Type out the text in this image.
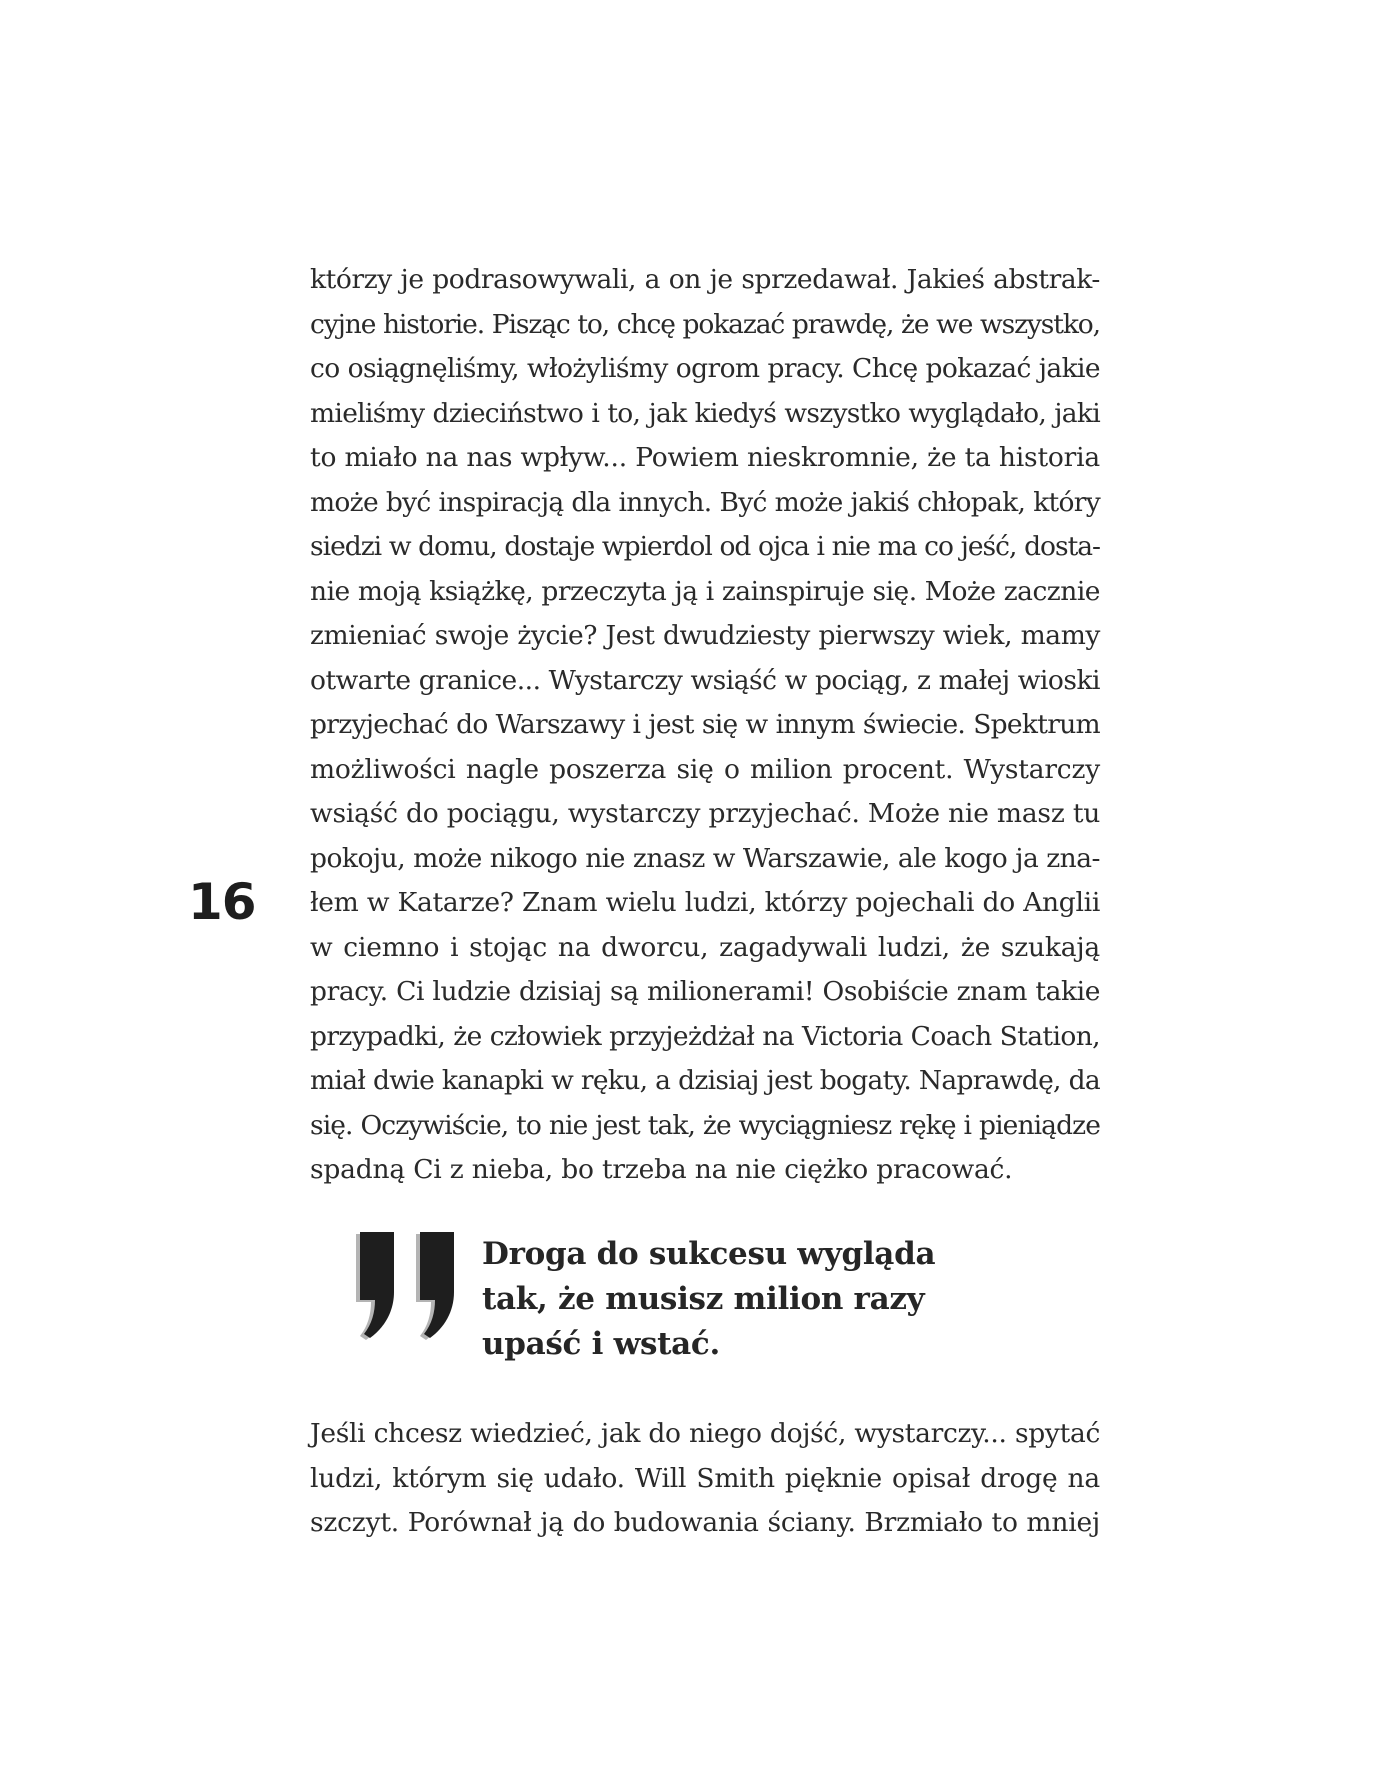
którzy je podrasowywali, a on je sprzedawał. Jakieś abstrak-
cyjne historie. Pisząc to, chcę pokazać prawdę, że we wszystko,
co osiągnęliśmy, włożyliśmy ogrom pracy. Chcę pokazać jakie
mieliśmy dzieciństwo i to, jak kiedyś wszystko wyglądało, jaki
to miało na nas wpływ... Powiem nieskromnie, że ta historia
może być inspiracją dla innych. Być może jakiś chłopak, który
siedzi w domu, dostaje wpierdol od ojca i nie ma co jeść, dosta-
nie moją książkę, przeczyta ją i zainspiruje się. Może zacznie
zmieniać swoje życie? Jest dwudziesty pierwszy wiek, mamy
otwarte granice... Wystarczy wsiąść w pociąg, z małej wioski
przyjechać do Warszawy i jest się w innym świecie. Spektrum
możliwości nagle poszerza się o milion procent. Wystarczy
wsiąść do pociągu, wystarczy przyjechać. Może nie masz tu
pokoju, może nikogo nie znasz w Warszawie, ale kogo ja zna-
łem w Katarze? Znam wielu ludzi, którzy pojechali do Anglii
w ciemno i stojąc na dworcu, zagadywali ludzi, że szukają
pracy. Ci ludzie dzisiaj są milionerami! Osobiście znam takie
przypadki, że człowiek przyjeżdżał na Victoria Coach Station,
miał dwie kanapki w ręku, a dzisiaj jest bogaty. Naprawdę, da
się. Oczywiście, to nie jest tak, że wyciągniesz rękę i pieniądze
spadną Ci z nieba, bo trzeba na nie ciężko pracować.

16

Droga do sukcesu wygląda
tak, że musisz milion razy
upaść i wstać.

Jeśli chcesz wiedzieć, jak do niego dojść, wystarczy... spytać
ludzi, którym się udało. Will Smith pięknie opisał drogę na
szczyt. Porównał ją do budowania ściany. Brzmiało to mniej
